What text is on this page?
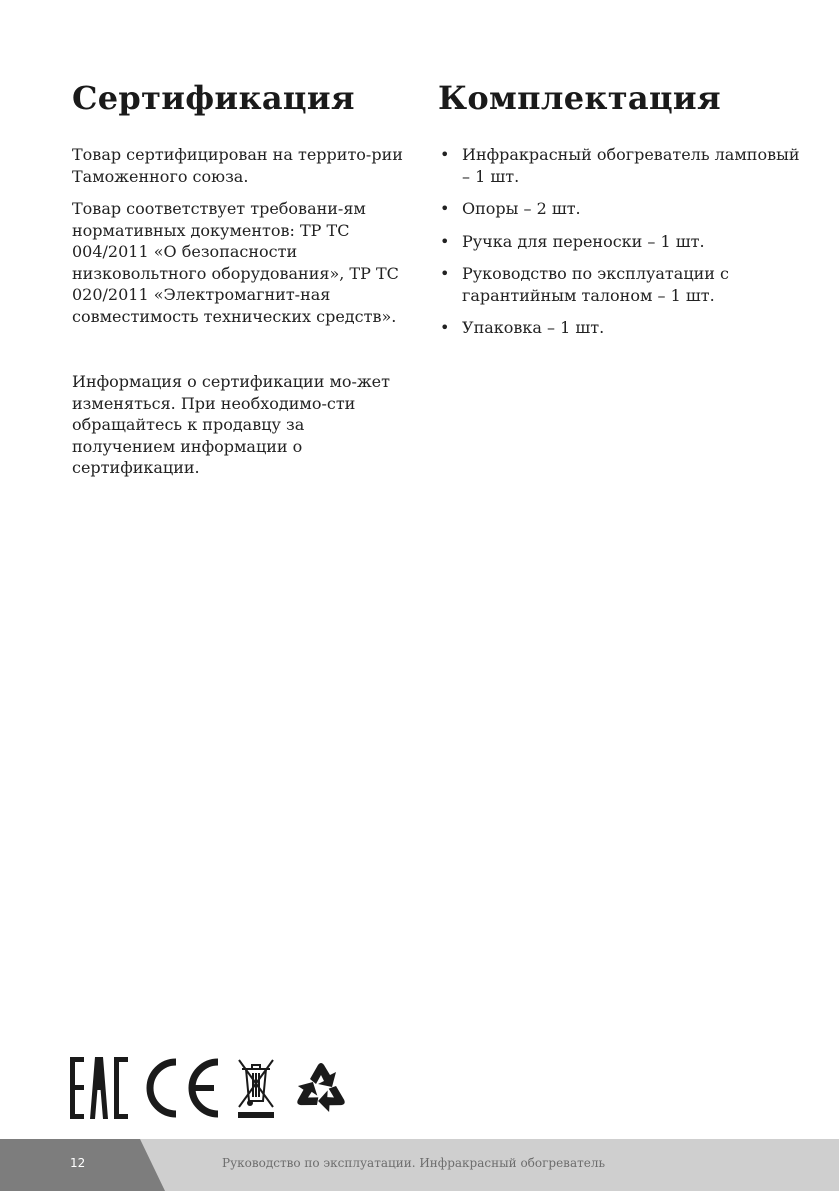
Сертификация

Товар сертифицирован на террито-рии Таможенного союза.

Товар соответствует требовани-ям нормативных документов: ТР ТС 004/2011 «О безопасности низковольтного оборудования», ТР ТС 020/2011 «Электромагнит-ная совместимость технических средств».

Информация о сертификации мо-жет изменяться. При необходимо-сти обращайтесь к продавцу за получением информации о сертификации.

Комплектация
• Инфракрасный обогреватель ламповый – 1 шт.
• Опоры – 2 шт.
• Ручка для переноски – 1 шт.
• Руководство по эксплуатации с гарантийным талоном – 1 шт.
• Упаковка – 1 шт.
12	Руководство по эксплуатации. Инфракрасный обогреватель
